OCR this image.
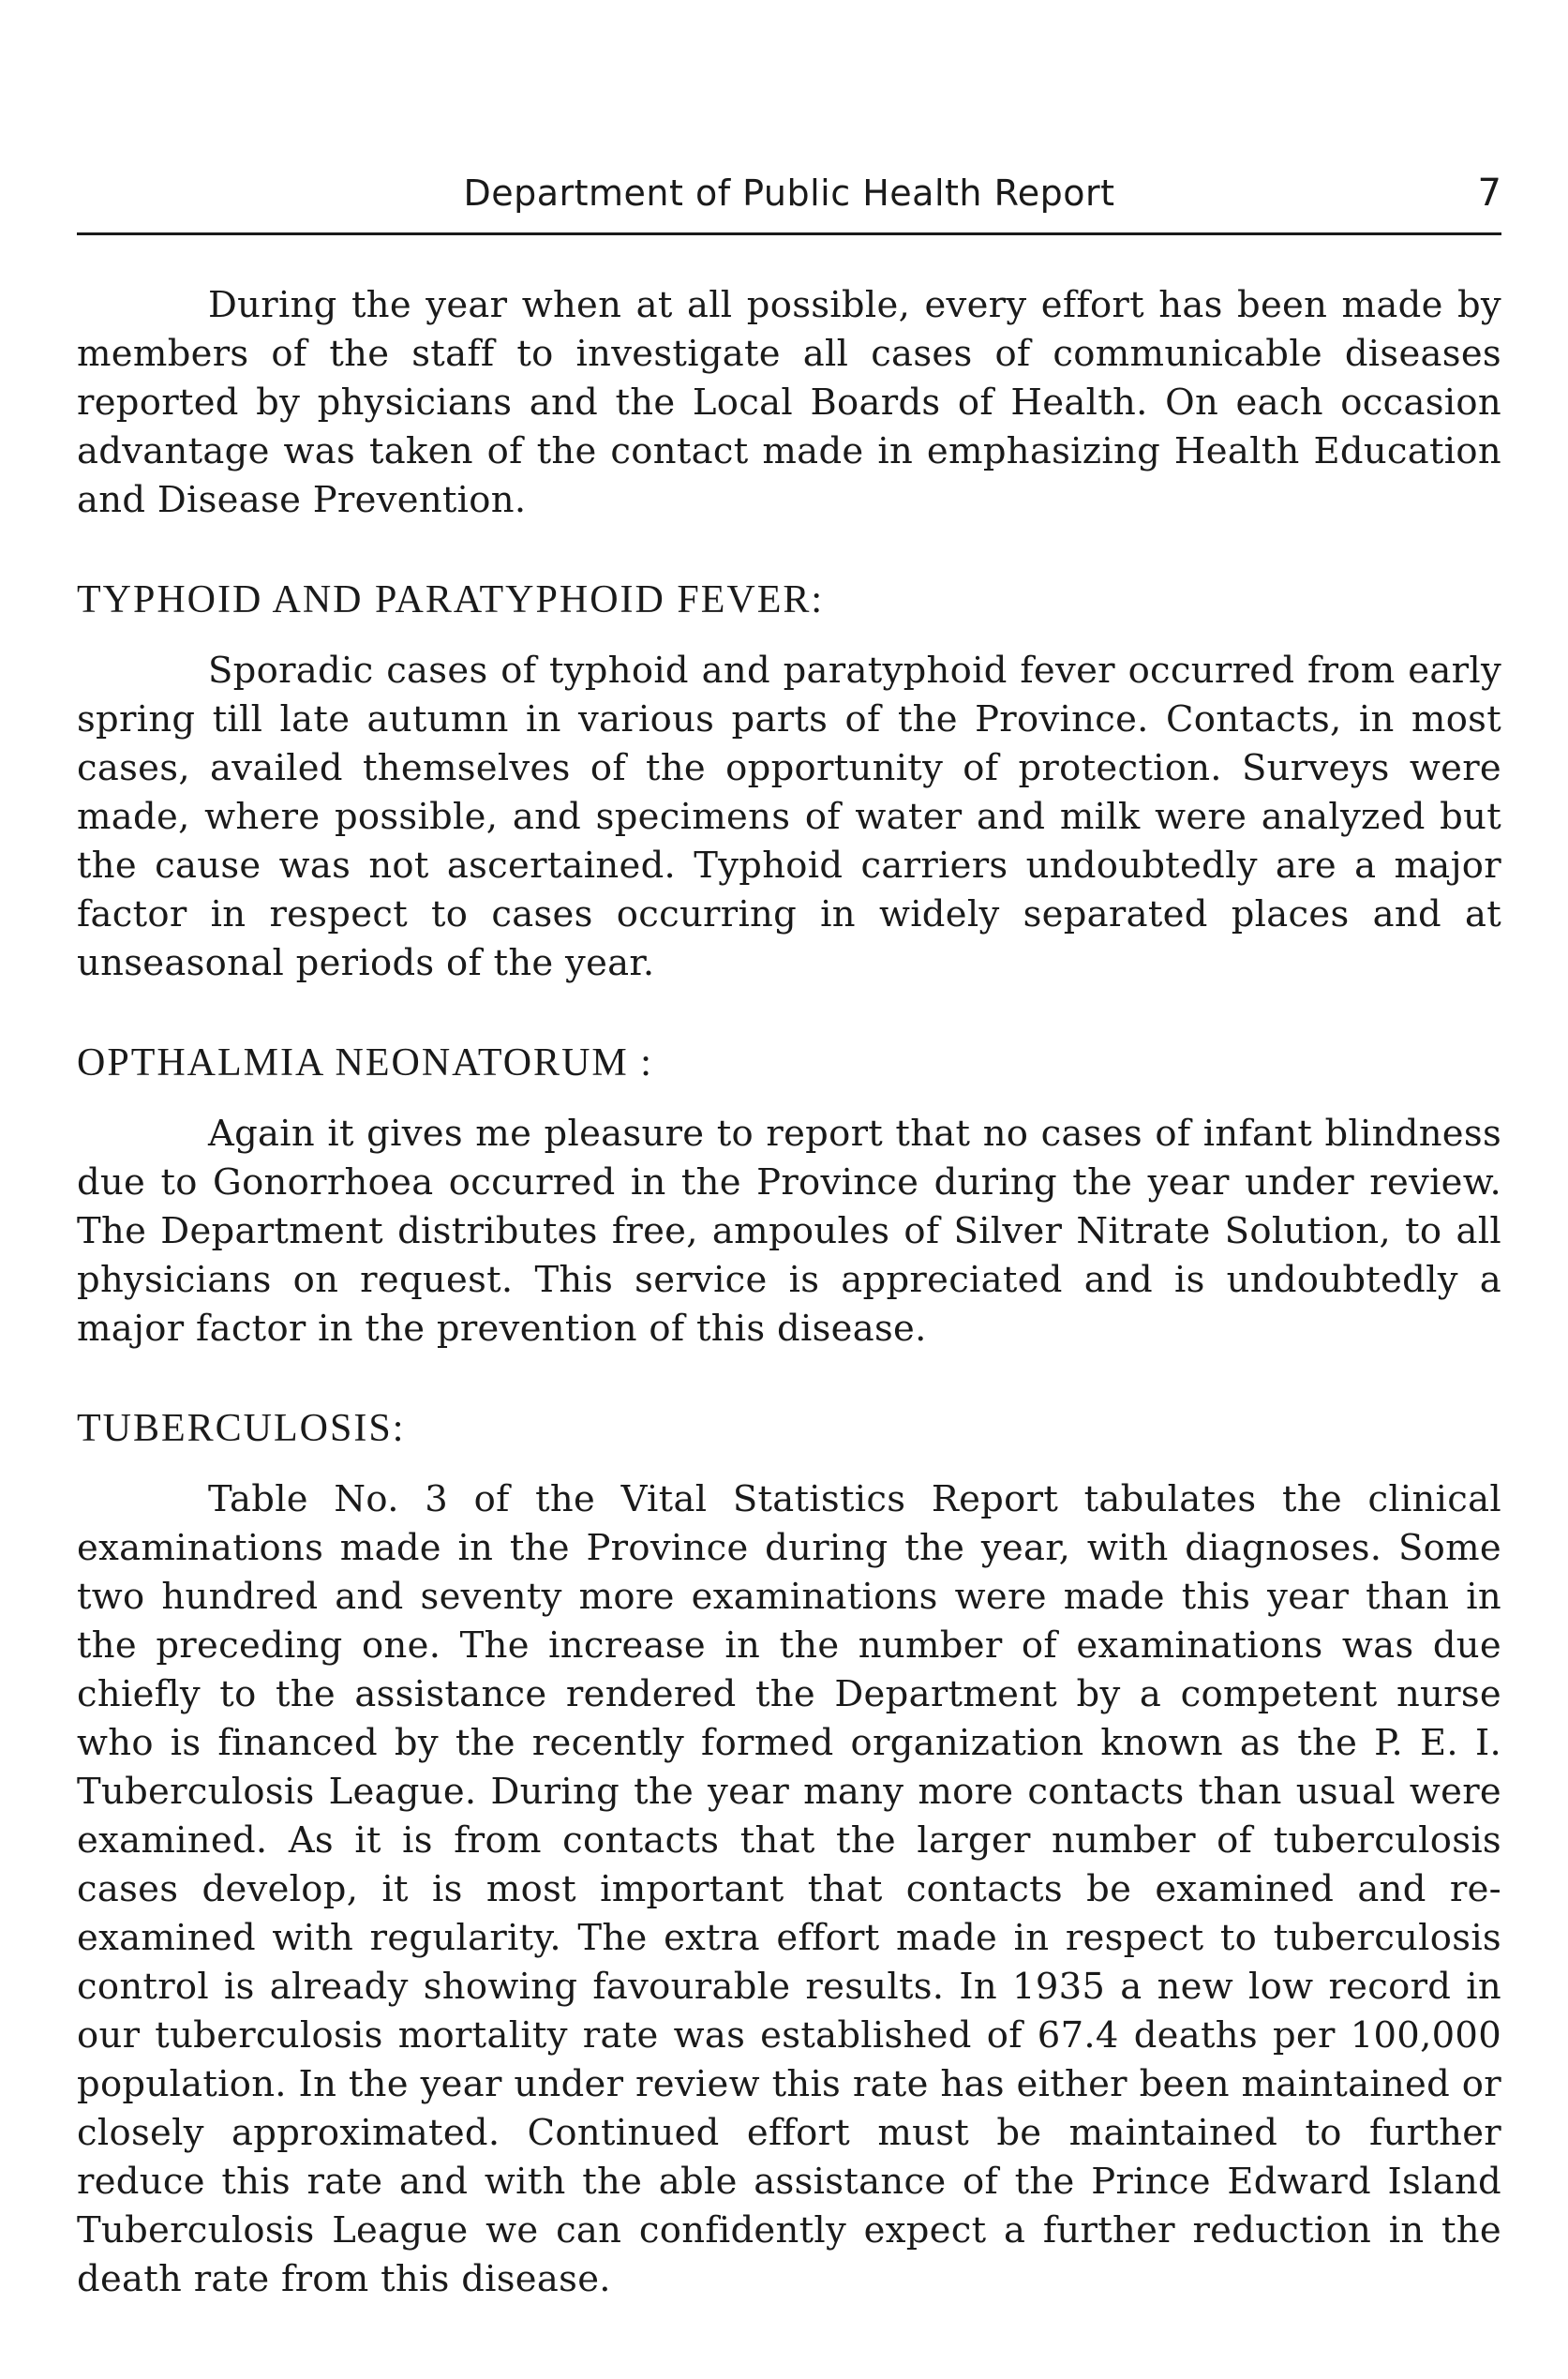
Department of Public Health Report	7

During the year when at all possible, every effort has been made by members of the staff to investigate all cases of communicable diseases reported by physicians and the Local Boards of Health. On each occasion advantage was taken of the contact made in emphasizing Health Education and Disease Prevention.

TYPHOID AND PARATYPHOID FEVER:

Sporadic cases of typhoid and paratyphoid fever occurred from early spring till late autumn in various parts of the Province. Contacts, in most cases, availed themselves of the opportunity of protection. Surveys were made, where possible, and specimens of water and milk were analyzed but the cause was not ascertained. Typhoid carriers undoubtedly are a major factor in respect to cases occurring in widely separated places and at unseasonal periods of the year.

OPTHALMIA NEONATORUM :

Again it gives me pleasure to report that no cases of infant blindness due to Gonorrhoea occurred in the Province during the year under review. The Department distributes free, ampoules of Silver Nitrate Solution, to all physicians on request. This service is appreciated and is undoubtedly a major factor in the prevention of this disease.

TUBERCULOSIS:

Table No. 3 of the Vital Statistics Report tabulates the clinical examinations made in the Province during the year, with diagnoses. Some two hundred and seventy more examinations were made this year than in the preceding one. The increase in the number of examinations was due chiefly to the assistance rendered the Department by a competent nurse who is financed by the recently formed organization known as the P. E. I. Tuberculosis League. During the year many more contacts than usual were examined. As it is from contacts that the larger number of tuberculosis cases develop, it is most important that contacts be examined and re-examined with regularity. The extra effort made in respect to tuberculosis control is already showing favourable results. In 1935 a new low record in our tuberculosis mortality rate was established of 67.4 deaths per 100,000 population. In the year under review this rate has either been maintained or closely approximated. Continued effort must be maintained to further reduce this rate and with the able assistance of the Prince Edward Island Tuberculosis League we can confidently expect a further reduction in the death rate from this disease.
